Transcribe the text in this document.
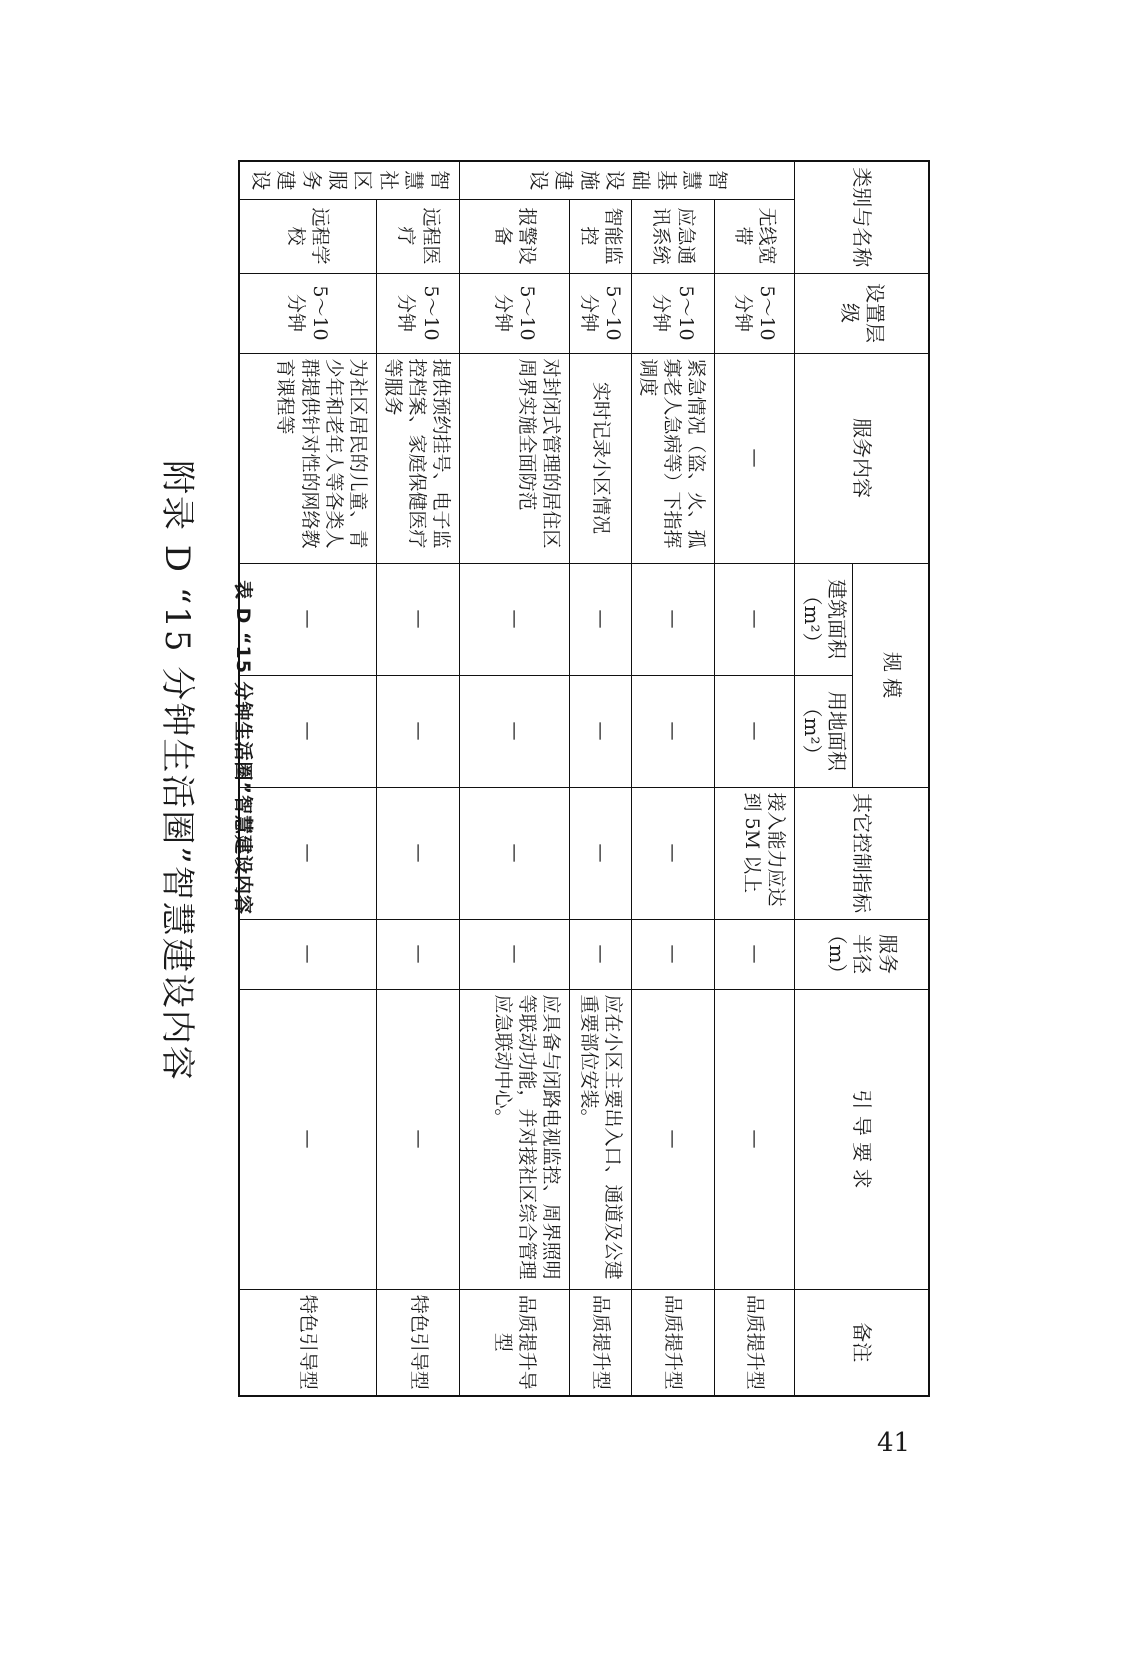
附录 D “15 分钟生活圈”智慧建设内容	表 D “15 分钟生活圈”智慧建设内容
类别与名称		设置层级	服务内容	规 模		其它控制指标	服务半径（m）	引 导 要 求	备注
				建筑面积（m²）	用地面积（m²）				
智慧基础设施建设	无线宽带	5～10分钟	—	—	—	接入能力应达到 5M 以上	—	—	品质提升型
	应急通讯系统	5～10分钟	紧急情况（盗、火、孤寡老人急病等）下指挥调度	—	—	—	—	—	品质提升型
	智能监控	5～10分钟	实时记录小区情况	—	—	—	—	应在小区主要出入口、通道及公建重要部位安装。	品质提升型
	报警设备	5～10分钟	对封闭式管理的居住区周界实施全面防范	—	—	—	—	应具备与闭路电视监控、周界照明等联动功能，并对接社区综合管理应急联动中心。	品质提升导型
智慧社区服务建设	远程医疗	5～10分钟	提供预约挂号、电子监控档案、家庭保健医疗等服务	—	—	—	—	—	特色引导型
	远程学校	5～10分钟	为社区居民的儿童、青少年和老年人等各类人群提供针对性的网络教育课程等	—	—	—	—	—	特色引导型
41
